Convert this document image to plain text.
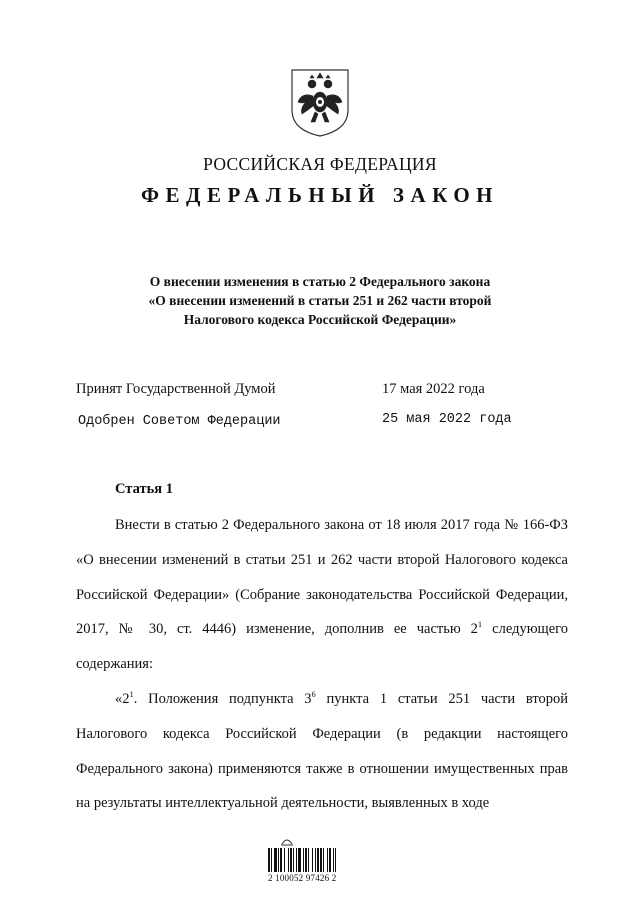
РОССИЙСКАЯ ФЕДЕРАЦИЯ
ФЕДЕРАЛЬНЫЙ ЗАКОН
О внесении изменения в статью 2 Федерального закона
«О внесении изменений в статьи 251 и 262 части второй
Налогового кодекса Российской Федерации»
Принят Государственной Думой	17 мая 2022 года
Одобрен Советом Федерации	25 мая 2022 года
Статья 1
Внести в статью 2 Федерального закона от 18 июля 2017 года № 166-ФЗ «О внесении изменений в статьи 251 и 262 части второй Налогового кодекса Российской Федерации» (Собрание законодательства Российской Федерации, 2017, № 30, ст. 4446) изменение, дополнив ее частью $2^1$ следующего содержания:
«$2^1$. Положения подпункта $3^6$ пункта 1 статьи 251 части второй Налогового кодекса Российской Федерации (в редакции настоящего Федерального закона) применяются также в отношении имущественных прав на результаты интеллектуальной деятельности, выявленных в ходе
2 100052 97426 2
